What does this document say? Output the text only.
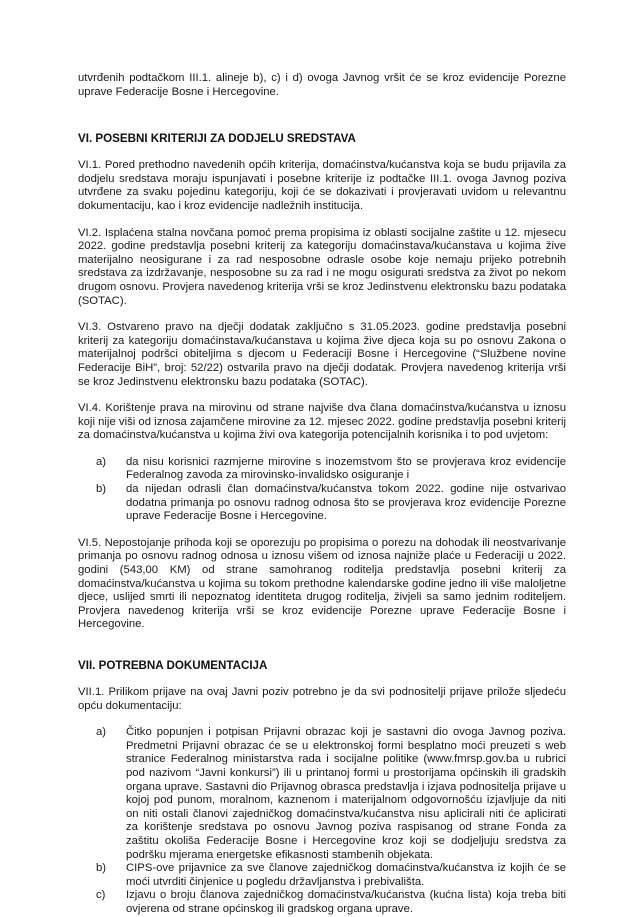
utvrđenih podtačkom III.1. alineje b), c) i d) ovoga Javnog vršit će se kroz evidencije Porezne uprave Federacije Bosne i Hercegovine.

VI. POSEBNI KRITERIJI ZA DODJELU SREDSTAVA

VI.1. Pored prethodno navedenih općih kriterija, domaćinstva/kućanstva koja se budu prijavila za dodjelu sredstava moraju ispunjavati i posebne kriterije iz podtačke III.1. ovoga Javnog poziva utvrđene za svaku pojedinu kategoriju, koji će se dokazivati i provjeravati uvidom u relevantnu dokumentaciju, kao i kroz evidencije nadležnih institucija.

VI.2. Isplaćena stalna novčana pomoć prema propisima iz oblasti socijalne zaštite u 12. mjesecu 2022. godine predstavlja posebni kriterij za kategoriju domaćinstava/kućanstava u kojima žive materijalno neosigurane i za rad nesposobne odrasle osobe koje nemaju prijeko potrebnih sredstava za izdržavanje, nesposobne su za rad i ne mogu osigurati sredstva za život po nekom drugom osnovu. Provjera navedenog kriterija vrši se kroz Jedinstvenu elektronsku bazu podataka (SOTAC).

VI.3. Ostvareno pravo na dječji dodatak zaključno s 31.05.2023. godine predstavlja posebni kriterij za kategoriju domaćinstava/kućanstava u kojima žive djeca koja su po osnovu Zakona o materijalnoj podršci obiteljima s djecom u Federaciji Bosne i Hercegovine (“Službene novine Federacije BiH”, broj: 52/22) ostvarila pravo na dječji dodatak. Provjera navedenog kriterija vrši se kroz Jedinstvenu elektronsku bazu podataka (SOTAC).

VI.4. Korištenje prava na mirovinu od strane najviše dva člana domaćinstva/kućanstva u iznosu koji nije viši od iznosa zajamčene mirovine za 12. mjesec 2022. godine predstavlja posebni kriterij za domaćinstva/kućanstva u kojima živi ova kategorija potencijalnih korisnika i to pod uvjetom:

a) da nisu korisnici razmjerne mirovine s inozemstvom što se provjerava kroz evidencije Federalnog zavoda za mirovinsko-invalidsko osiguranje i
b) da nijedan odrasli član domaćinstva/kućanstva tokom 2022. godine nije ostvarivao dodatna primanja po osnovu radnog odnosa što se provjerava kroz evidencije Porezne uprave Federacije Bosne i Hercegovine.

VI.5. Nepostojanje prihoda koji se oporezuju po propisima o porezu na dohodak ili neostvarivanje primanja po osnovu radnog odnosa u iznosu višem od iznosa najniže plaće u Federaciji u 2022. godini (543,00 KM) od strane samohranog roditelja predstavlja posebni kriterij za domaćinstva/kućanstva u kojima su tokom prethodne kalendarske godine jedno ili više maloljetne djece, uslijed smrti ili nepoznatog identiteta drugog roditelja, živjeli sa samo jednim roditeljem. Provjera navedenog kriterija vrši se kroz evidencije Porezne uprave Federacije Bosne i Hercegovine.

VII. POTREBNA DOKUMENTACIJA

VII.1. Prilikom prijave na ovaj Javni poziv potrebno je da svi podnositelji prijave prilože sljedeću opću dokumentaciju:

a) Čitko popunjen i potpisan Prijavni obrazac koji je sastavni dio ovoga Javnog poziva. Predmetni Prijavni obrazac će se u elektronskoj formi besplatno moći preuzeti s web stranice Federalnog ministarstva rada i socijalne politike (www.fmrsp.gov.ba u rubrici pod nazivom “Javni konkursi”) ili u printanoj formi u prostorijama općinskih ili gradskih organa uprave. Sastavni dio Prijavnog obrasca predstavlja i izjava podnositelja prijave u kojoj pod punom, moralnom, kaznenom i materijalnom odgovornošću izjavljuje da niti on niti ostali članovi zajedničkog domaćinstva/kućanstva nisu aplicirali niti će aplicirati za korištenje sredstava po osnovu Javnog poziva raspisanog od strane Fonda za zaštitu okoliša Federacije Bosne i Hercegovine kroz koji se dodjeljuju sredstva za podršku mjerama energetske efikasnosti stambenih objekata.
b) CIPS-ove prijavnice za sve članove zajedničkog domaćinstva/kućanstva iz kojih će se moći utvrditi činjenice u pogledu državljanstva i prebivališta.
c) Izjavu o broju članova zajedničkog domaćinstva/kućanstva (kućna lista) koja treba biti ovjerena od strane općinskog ili gradskog organa uprave.
